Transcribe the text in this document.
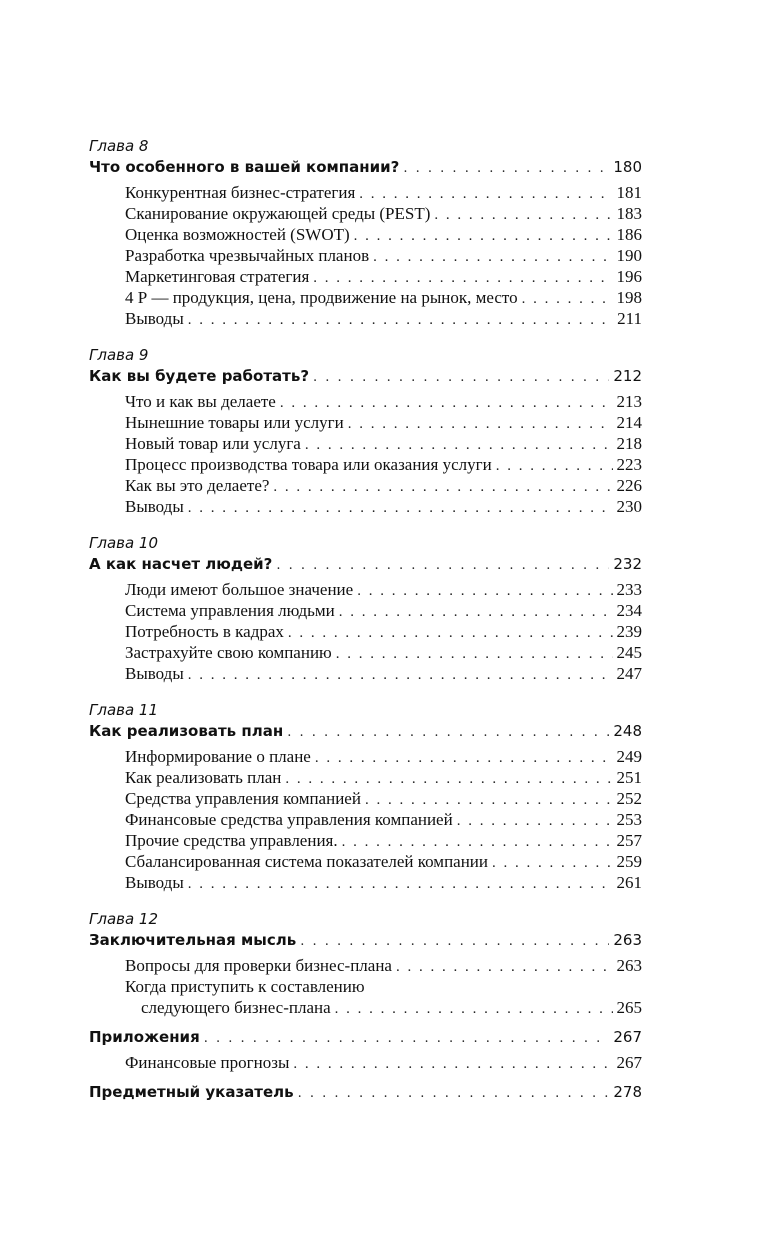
Глава 8
Что особенного в вашей компании? . . .	180
Конкурентная бизнес-стратегия . . .	181
Сканирование окружающей среды (PEST) . . .	183
Оценка возможностей (SWOT) . . .	186
Разработка чрезвычайных планов . . .	190
Маркетинговая стратегия . . .	196
4 Р — продукция, цена, продвижение на рынок, место . . .	198
Выводы . . .	211
Глава 9
Как вы будете работать? . . .	212
Что и как вы делаете . . .	213
Нынешние товары или услуги . . .	214
Новый товар или услуга . . .	218
Процесс производства товара или оказания услуги . . .	223
Как вы это делаете? . . .	226
Выводы . . .	230
Глава 10
А как насчет людей? . . .	232
Люди имеют большое значение . . .	233
Система управления людьми . . .	234
Потребность в кадрах . . .	239
Застрахуйте свою компанию . . .	245
Выводы . . .	247
Глава 11
Как реализовать план . . .	248
Информирование о плане . . .	249
Как реализовать план . . .	251
Средства управления компанией . . .	252
Финансовые средства управления компанией . . .	253
Прочие средства управления. . . .	257
Сбалансированная система показателей компании . . .	259
Выводы . . .	261
Глава 12
Заключительная мысль . . .	263
Вопросы для проверки бизнес-плана . . .	263
Когда приступить к составлению
следующего бизнес-плана . . .	265
Приложения . . .	267
Финансовые прогнозы . . .	267
Предметный указатель . . .	278
